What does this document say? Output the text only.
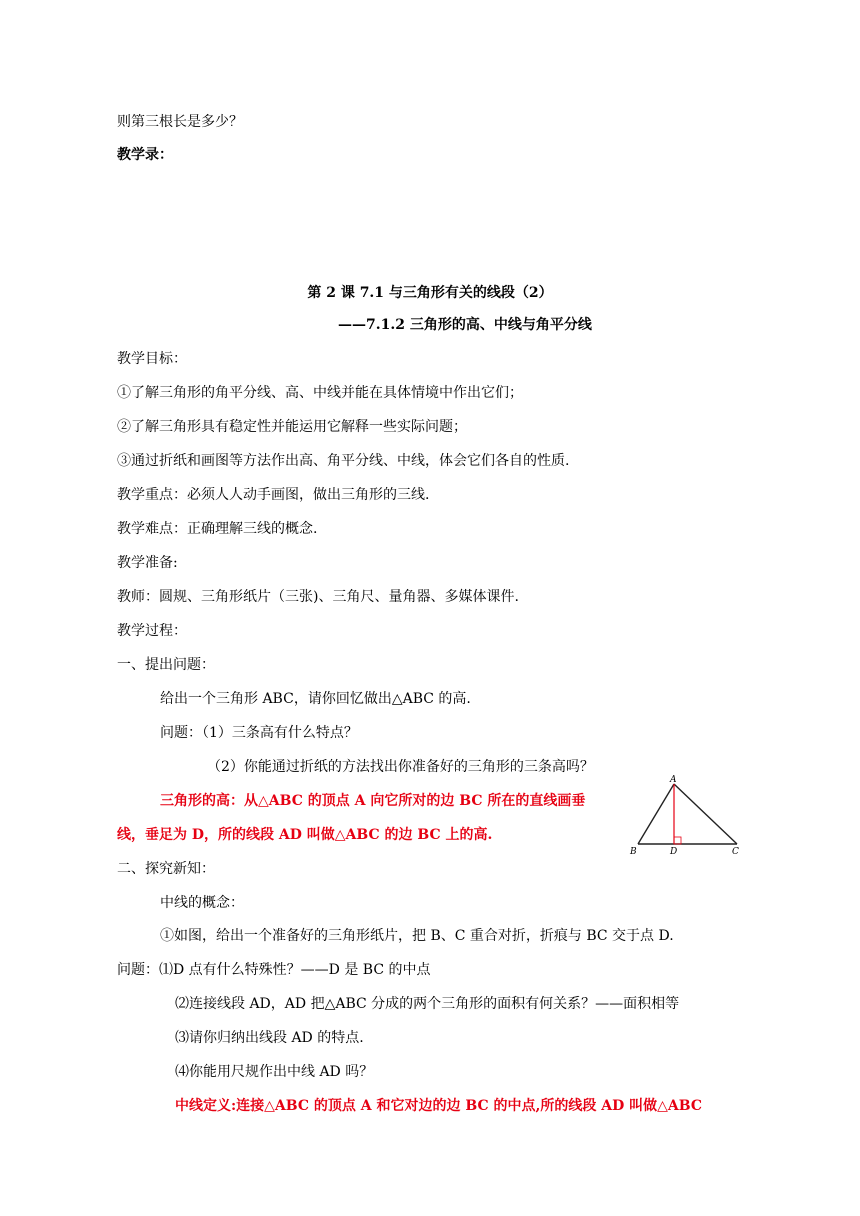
则第三根长是多少？
教学录：
第 2 课 7.1 与三角形有关的线段（2）
——7.1.2 三角形的高、中线与角平分线
教学目标：
①了解三角形的角平分线、高、中线并能在具体情境中作出它们；
②了解三角形具有稳定性并能运用它解释一些实际问题；
③通过折纸和画图等方法作出高、角平分线、中线，体会它们各自的性质.
教学重点：必须人人动手画图，做出三角形的三线.
教学难点：正确理解三线的概念.
教学准备:
教师：圆规、三角形纸片（三张)、三角尺、量角器、多媒体课件.
教学过程：
一、提出问题：
给出一个三角形 ABC，请你回忆做出△ABC 的高.
问题：（1）三条高有什么特点？
（2）你能通过折纸的方法找出你准备好的三角形的三条高吗？
三角形的高：从△ABC 的顶点 A 向它所对的边 BC 所在的直线画垂
线，垂足为 D，所的线段 AD 叫做△ABC 的边 BC 上的高.
A
B	D	C
二、探究新知：
中线的概念：
①如图，给出一个准备好的三角形纸片，把 B、C 重合对折，折痕与 BC 交于点 D.
问题：⑴D 点有什么特殊性？——D 是 BC 的中点
⑵连接线段 AD，AD 把△ABC 分成的两个三角形的面积有何关系？——面积相等
⑶请你归纳出线段 AD 的特点.
⑷你能用尺规作出中线 AD 吗？
中线定义:连接△ABC 的顶点 A 和它对边的边 BC 的中点,所的线段 AD 叫做△ABC
